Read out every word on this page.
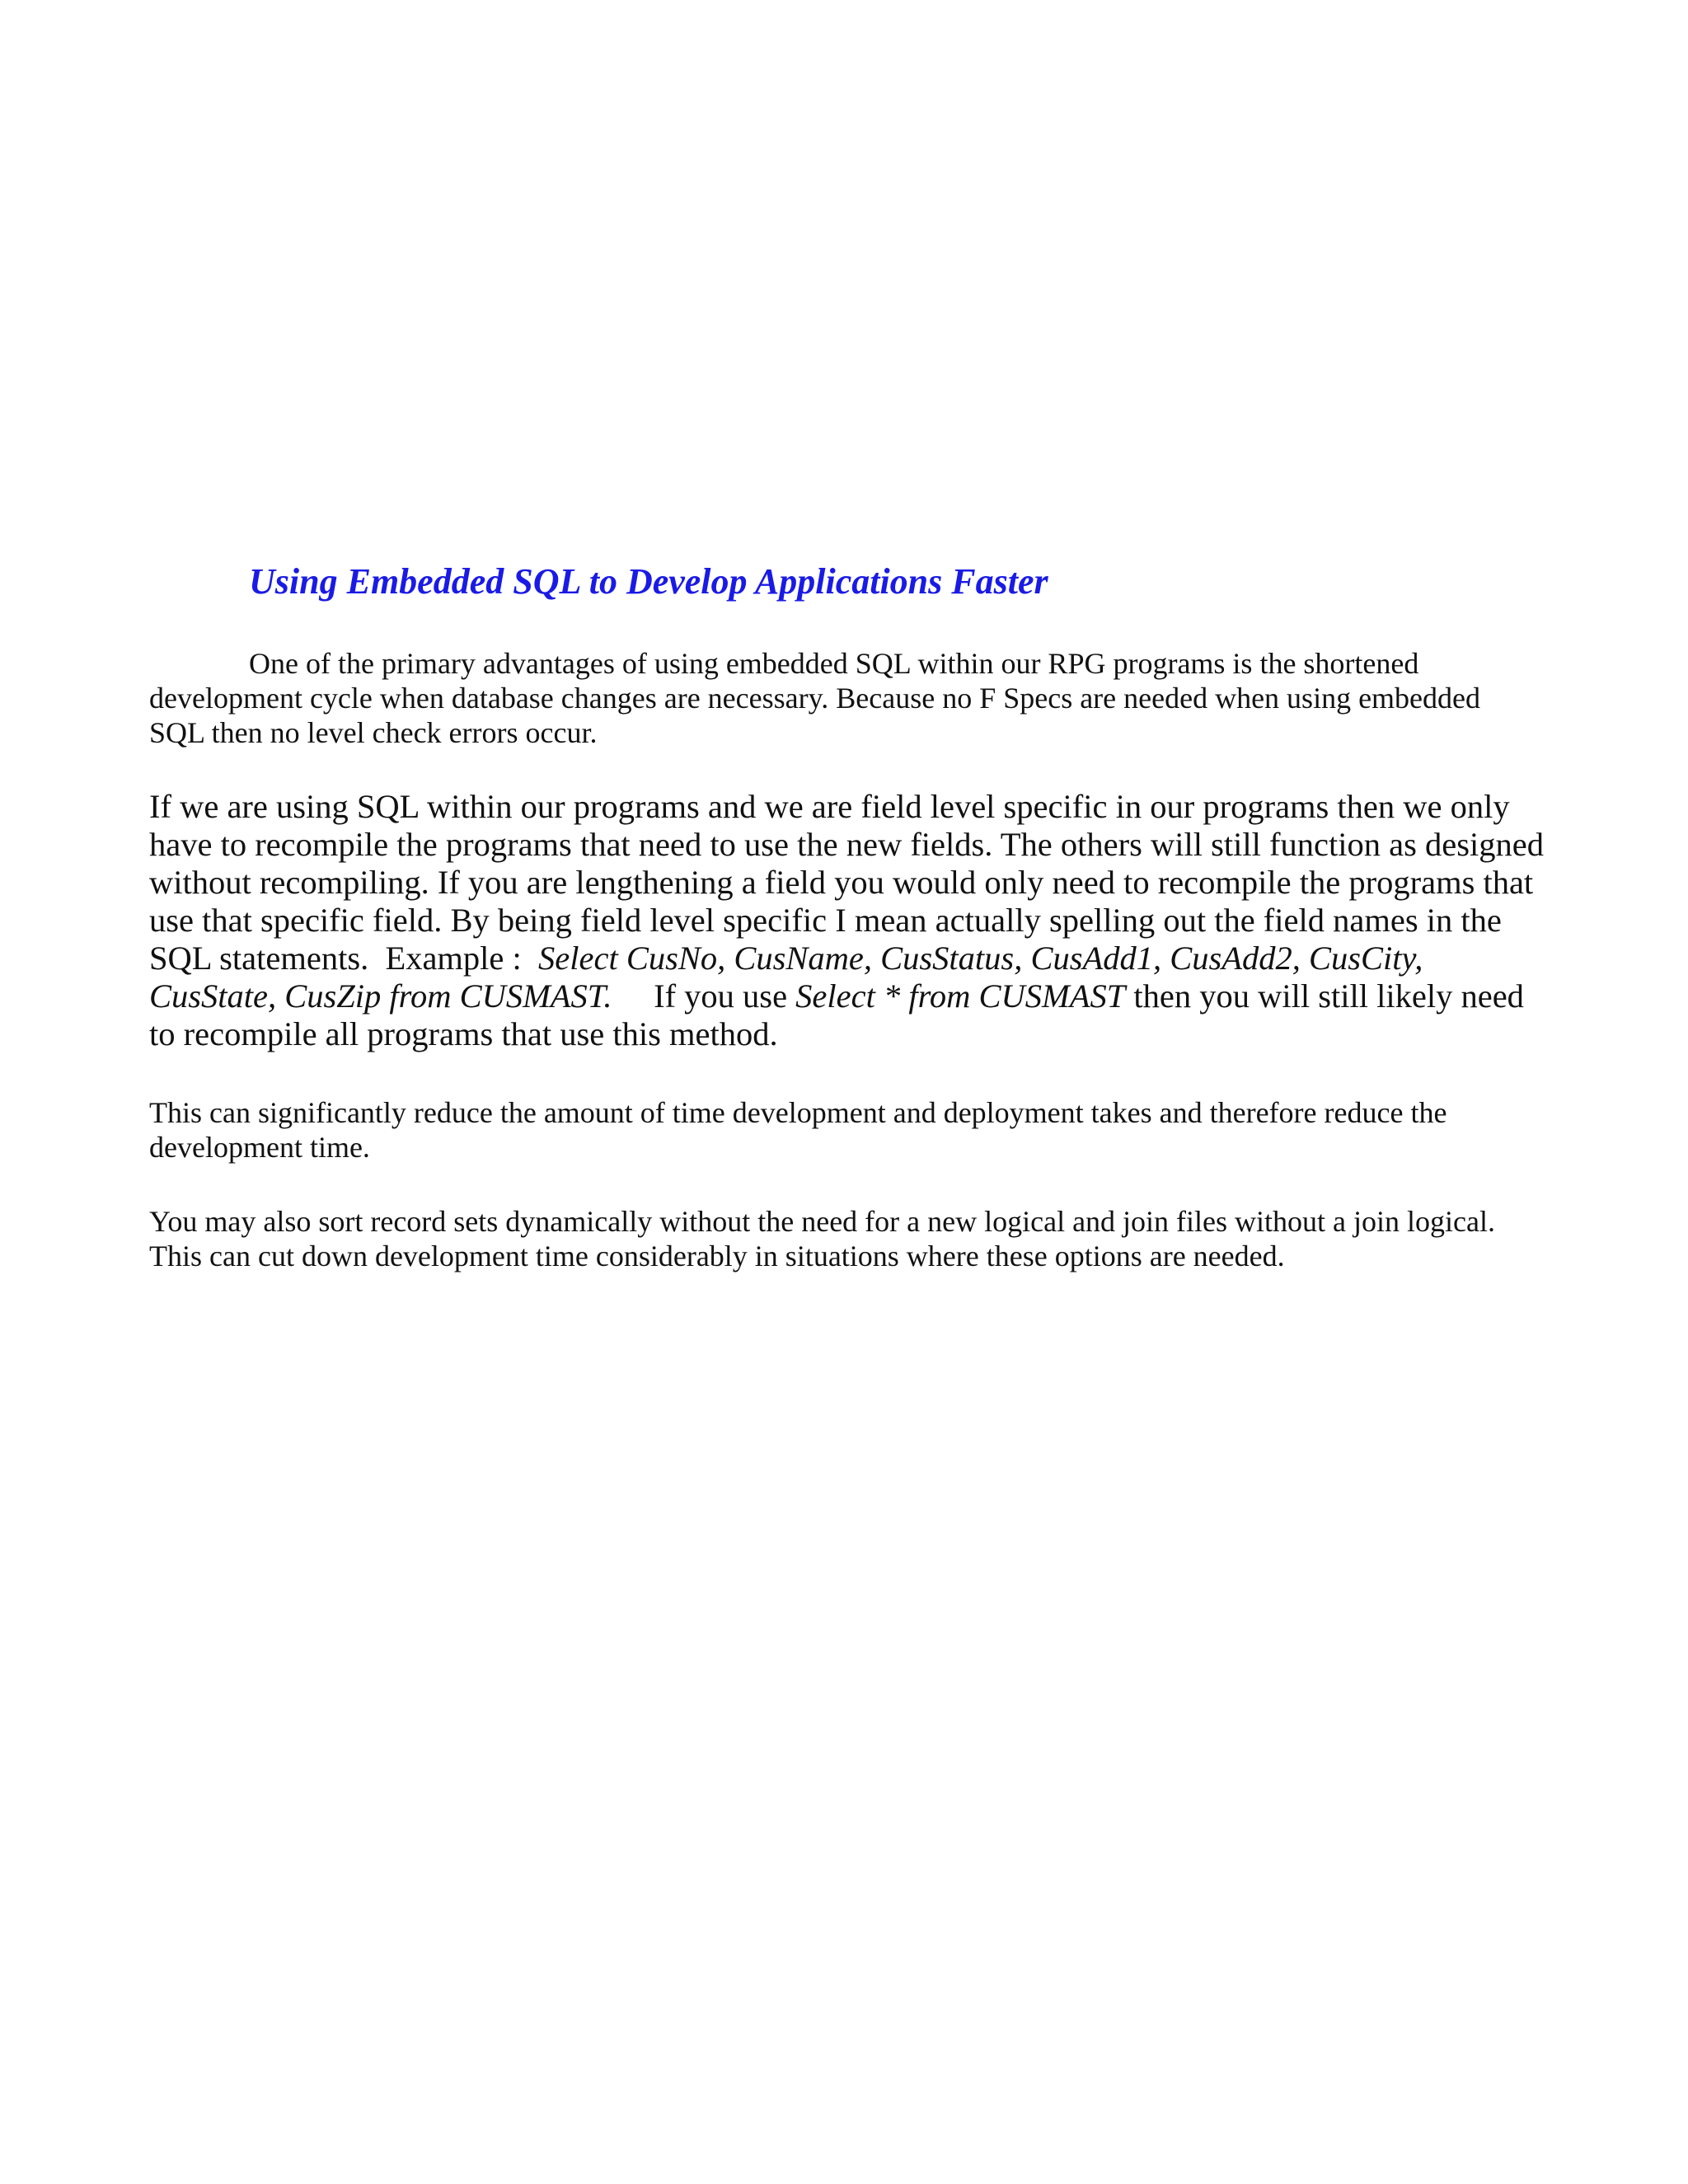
Using Embedded SQL to Develop Applications Faster

One of the primary advantages of using embedded SQL within our RPG programs is the shortened
development cycle when database changes are necessary. Because no F Specs are needed when using embedded
SQL then no level check errors occur.

If we are using SQL within our programs and we are field level specific in our programs then we only
have to recompile the programs that need to use the new fields. The others will still function as designed
without recompiling. If you are lengthening a field you would only need to recompile the programs that
use that specific field. By being field level specific I mean actually spelling out the field names in the
SQL statements.  Example :  Select CusNo, CusName, CusStatus, CusAdd1, CusAdd2, CusCity,
CusState, CusZip from CUSMAST.     If you use Select * from CUSMAST then you will still likely need
to recompile all programs that use this method.

This can significantly reduce the amount of time development and deployment takes and therefore reduce the
development time.

You may also sort record sets dynamically without the need for a new logical and join files without a join logical.
This can cut down development time considerably in situations where these options are needed.
